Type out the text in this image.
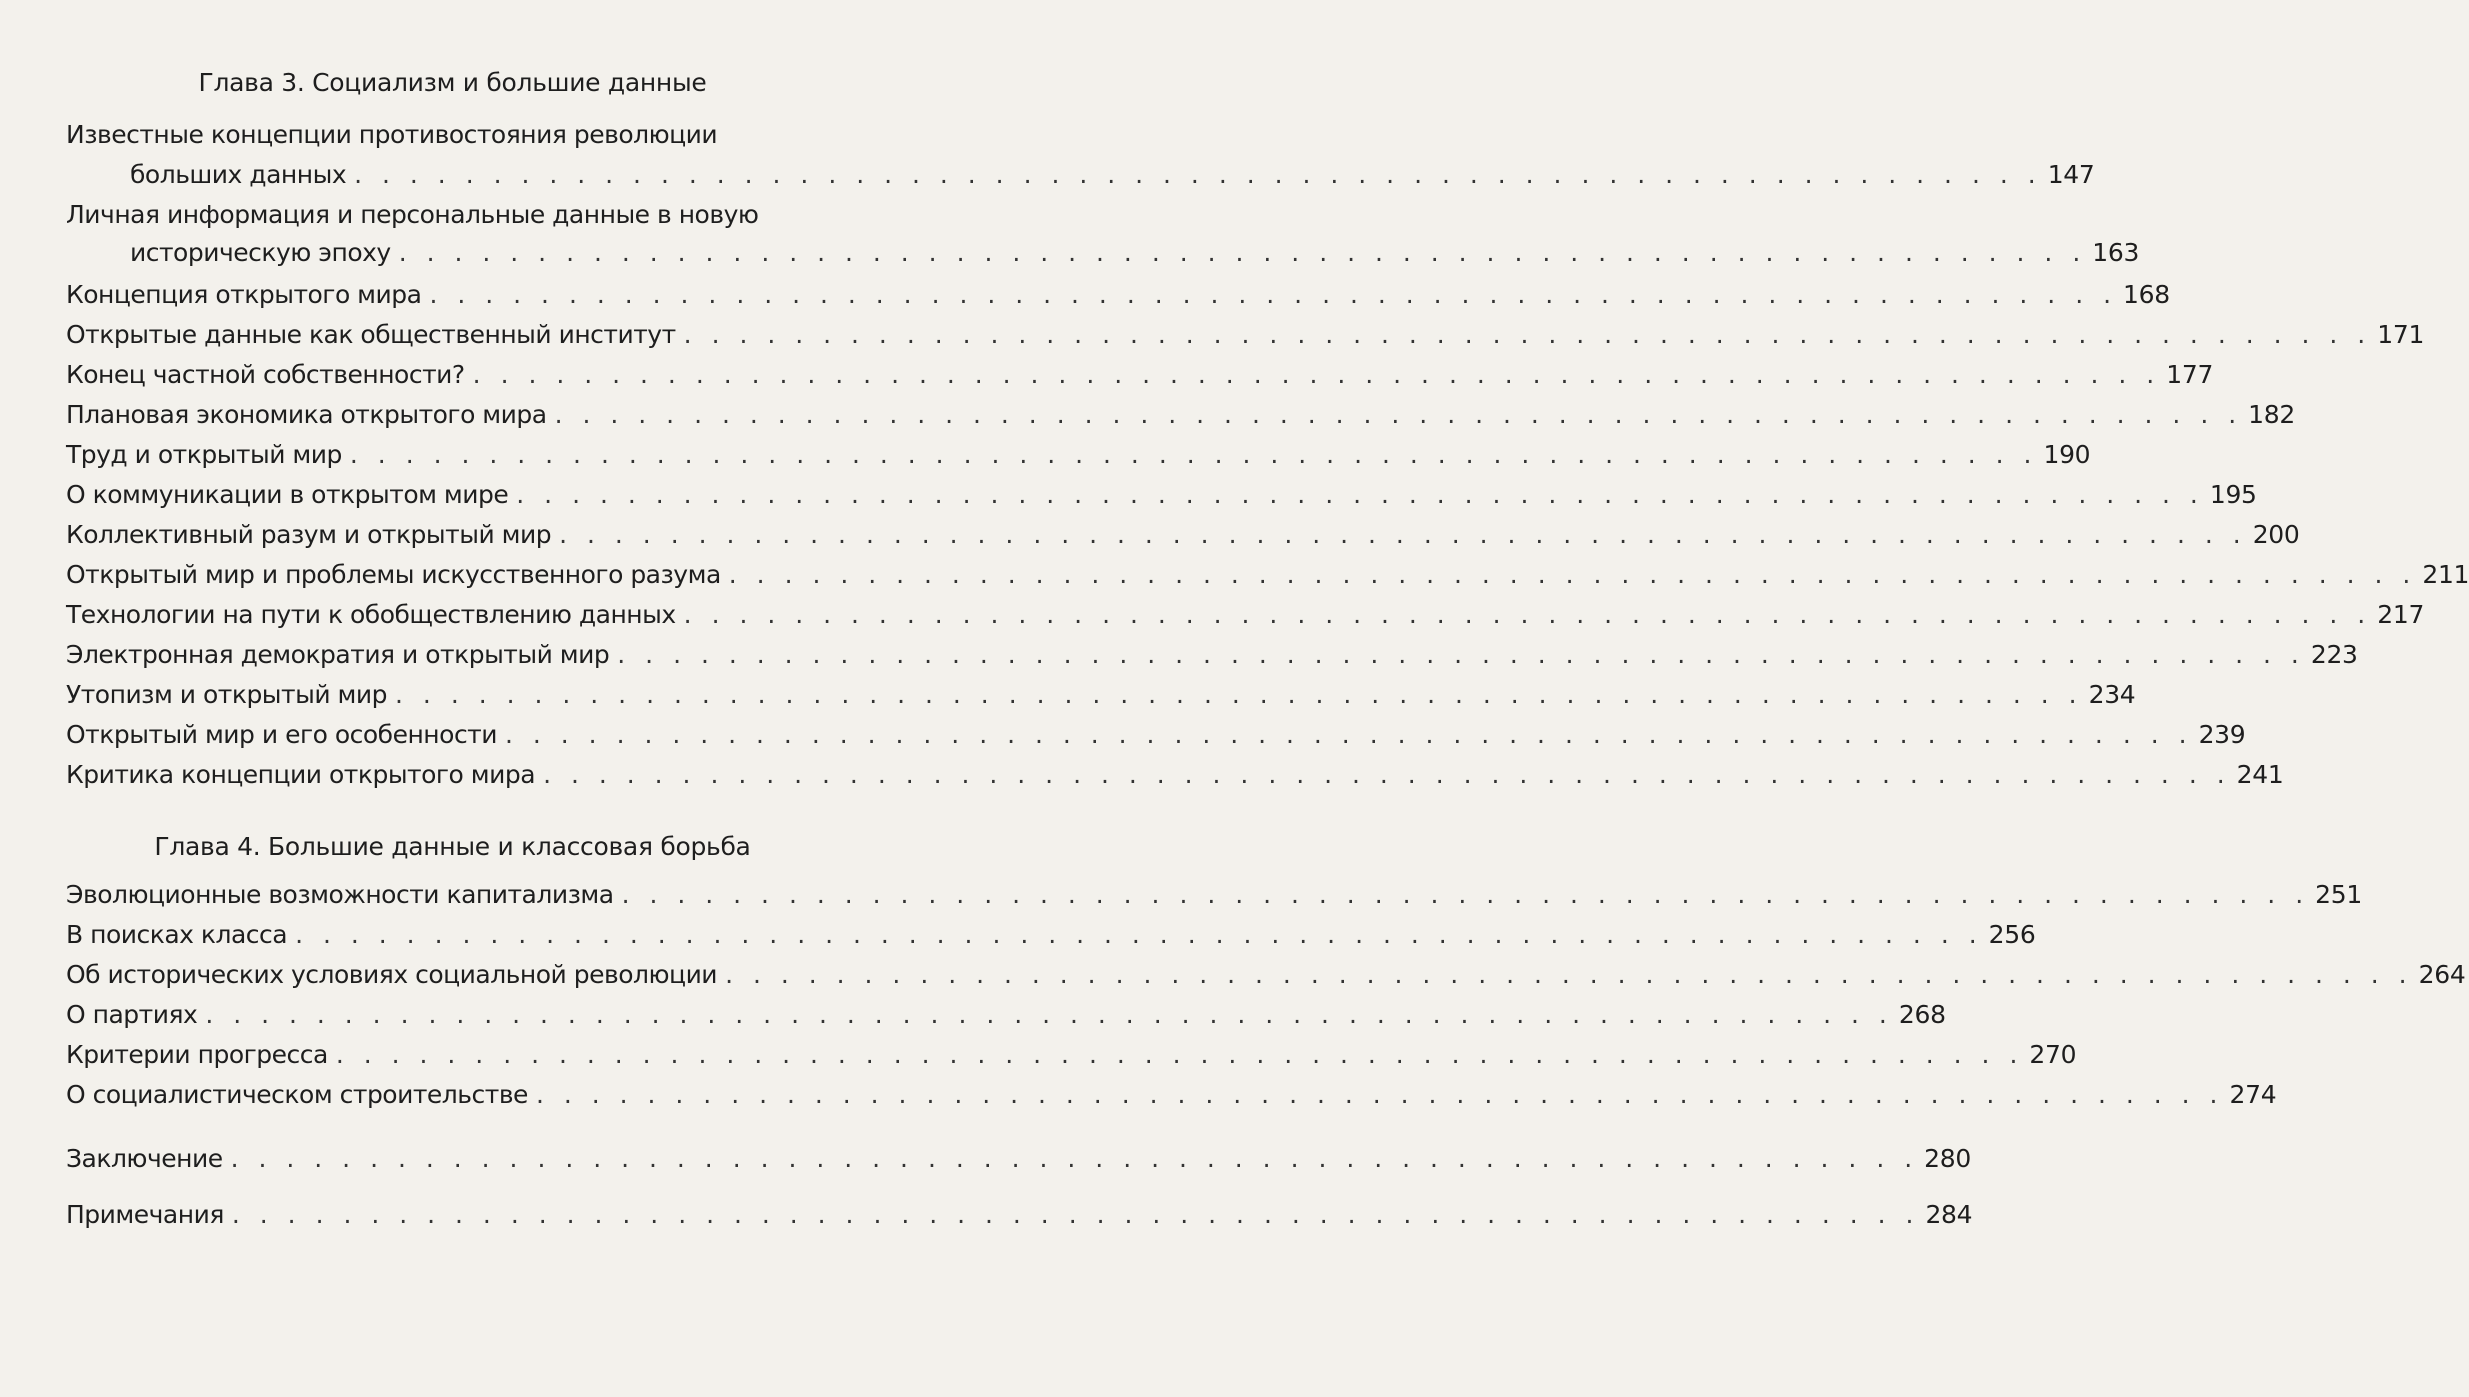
Глава 3. Социализм и большие данные
Известные концепции противостояния революции
больших данных . . . . . . . . . . . . . . . . . . . . . . . . . . . . . . . . . . . . . . . . . . . . . . . . . . . . . . . . . . . . . 147
Личная информация и персональные данные в новую
историческую эпоху . . . . . . . . . . . . . . . . . . . . . . . . . . . . . . . . . . . . . . . . . . . . . . . . . . . . . . . . . . . . . 163
Концепция открытого мира . . . . . . . . . . . . . . . . . . . . . . . . . . . . . . . . . . . . . . . . . . . . . . . . . . . . . . . . . . . . . 168
Открытые данные как общественный институт . . . . . . . . . . . . . . . . . . . . . . . . . . . . . . . . . . . . . . . . . . . . . . . . . . . . . . . . . . . . . 171
Конец частной собственности? . . . . . . . . . . . . . . . . . . . . . . . . . . . . . . . . . . . . . . . . . . . . . . . . . . . . . . . . . . . . . 177
Плановая экономика открытого мира . . . . . . . . . . . . . . . . . . . . . . . . . . . . . . . . . . . . . . . . . . . . . . . . . . . . . . . . . . . . . 182
Труд и открытый мир . . . . . . . . . . . . . . . . . . . . . . . . . . . . . . . . . . . . . . . . . . . . . . . . . . . . . . . . . . . . . 190
О коммуникации в открытом мире . . . . . . . . . . . . . . . . . . . . . . . . . . . . . . . . . . . . . . . . . . . . . . . . . . . . . . . . . . . . . 195
Коллективный разум и открытый мир . . . . . . . . . . . . . . . . . . . . . . . . . . . . . . . . . . . . . . . . . . . . . . . . . . . . . . . . . . . . . 200
Открытый мир и проблемы искусственного разума . . . . . . . . . . . . . . . . . . . . . . . . . . . . . . . . . . . . . . . . . . . . . . . . . . . . . . . . . . . . . 211
Технологии на пути к обобществлению данных . . . . . . . . . . . . . . . . . . . . . . . . . . . . . . . . . . . . . . . . . . . . . . . . . . . . . . . . . . . . . 217
Электронная демократия и открытый мир . . . . . . . . . . . . . . . . . . . . . . . . . . . . . . . . . . . . . . . . . . . . . . . . . . . . . . . . . . . . . 223
Утопизм и открытый мир . . . . . . . . . . . . . . . . . . . . . . . . . . . . . . . . . . . . . . . . . . . . . . . . . . . . . . . . . . . . . 234
Открытый мир и его особенности . . . . . . . . . . . . . . . . . . . . . . . . . . . . . . . . . . . . . . . . . . . . . . . . . . . . . . . . . . . . . 239
Критика концепции открытого мира . . . . . . . . . . . . . . . . . . . . . . . . . . . . . . . . . . . . . . . . . . . . . . . . . . . . . . . . . . . . . 241
Глава 4. Большие данные и классовая борьба
Эволюционные возможности капитализма . . . . . . . . . . . . . . . . . . . . . . . . . . . . . . . . . . . . . . . . . . . . . . . . . . . . . . . . . . . . . 251
В поисках класса . . . . . . . . . . . . . . . . . . . . . . . . . . . . . . . . . . . . . . . . . . . . . . . . . . . . . . . . . . . . . 256
Об исторических условиях социальной революции . . . . . . . . . . . . . . . . . . . . . . . . . . . . . . . . . . . . . . . . . . . . . . . . . . . . . . . . . . . . . 264
О партиях . . . . . . . . . . . . . . . . . . . . . . . . . . . . . . . . . . . . . . . . . . . . . . . . . . . . . . . . . . . . . 268
Критерии прогресса . . . . . . . . . . . . . . . . . . . . . . . . . . . . . . . . . . . . . . . . . . . . . . . . . . . . . . . . . . . . . 270
О социалистическом строительстве . . . . . . . . . . . . . . . . . . . . . . . . . . . . . . . . . . . . . . . . . . . . . . . . . . . . . . . . . . . . . 274
Заключение . . . . . . . . . . . . . . . . . . . . . . . . . . . . . . . . . . . . . . . . . . . . . . . . . . . . . . . . . . . . . 280
Примечания . . . . . . . . . . . . . . . . . . . . . . . . . . . . . . . . . . . . . . . . . . . . . . . . . . . . . . . . . . . . . 284
